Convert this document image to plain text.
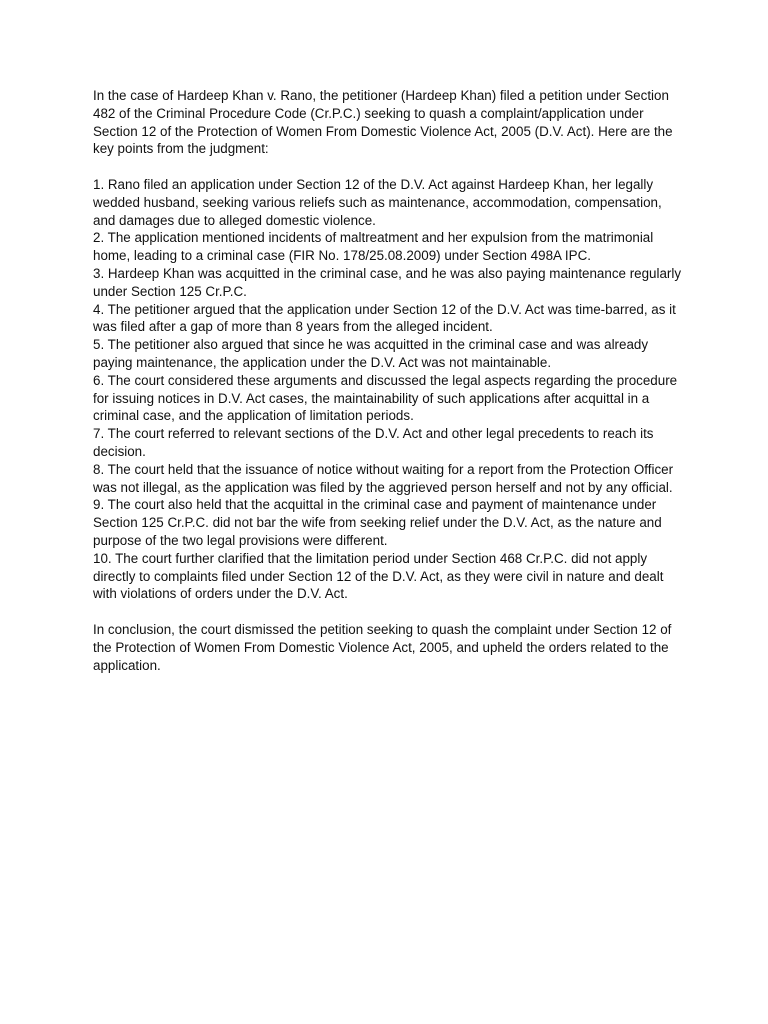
In the case of Hardeep Khan v. Rano, the petitioner (Hardeep Khan) filed a petition under Section 482 of the Criminal Procedure Code (Cr.P.C.) seeking to quash a complaint/application under Section 12 of the Protection of Women From Domestic Violence Act, 2005 (D.V. Act). Here are the key points from the judgment:

1. Rano filed an application under Section 12 of the D.V. Act against Hardeep Khan, her legally wedded husband, seeking various reliefs such as maintenance, accommodation, compensation, and damages due to alleged domestic violence.

2. The application mentioned incidents of maltreatment and her expulsion from the matrimonial home, leading to a criminal case (FIR No. 178/25.08.2009) under Section 498A IPC.

3. Hardeep Khan was acquitted in the criminal case, and he was also paying maintenance regularly under Section 125 Cr.P.C.

4. The petitioner argued that the application under Section 12 of the D.V. Act was time-barred, as it was filed after a gap of more than 8 years from the alleged incident.

5. The petitioner also argued that since he was acquitted in the criminal case and was already paying maintenance, the application under the D.V. Act was not maintainable.

6. The court considered these arguments and discussed the legal aspects regarding the procedure for issuing notices in D.V. Act cases, the maintainability of such applications after acquittal in a criminal case, and the application of limitation periods.

7. The court referred to relevant sections of the D.V. Act and other legal precedents to reach its decision.

8. The court held that the issuance of notice without waiting for a report from the Protection Officer was not illegal, as the application was filed by the aggrieved person herself and not by any official.

9. The court also held that the acquittal in the criminal case and payment of maintenance under Section 125 Cr.P.C. did not bar the wife from seeking relief under the D.V. Act, as the nature and purpose of the two legal provisions were different.

10. The court further clarified that the limitation period under Section 468 Cr.P.C. did not apply directly to complaints filed under Section 12 of the D.V. Act, as they were civil in nature and dealt with violations of orders under the D.V. Act.

In conclusion, the court dismissed the petition seeking to quash the complaint under Section 12 of the Protection of Women From Domestic Violence Act, 2005, and upheld the orders related to the application.
